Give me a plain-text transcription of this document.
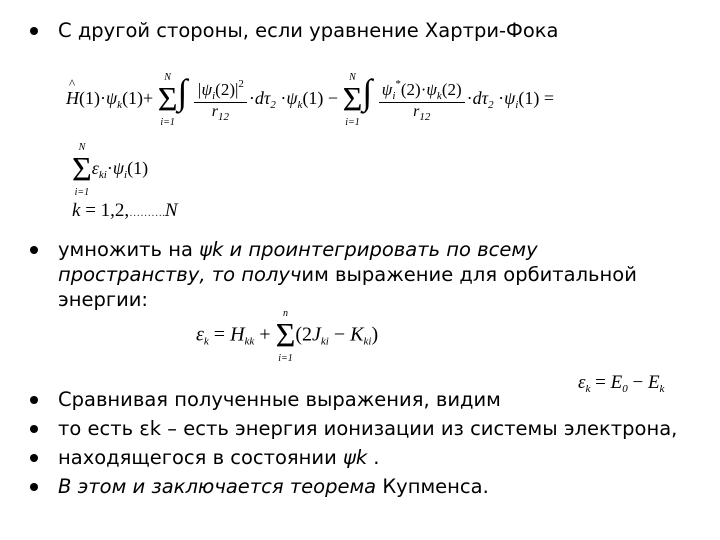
С другой стороны, если уравнение Хартри-Фока
H
^
$(1)\cdot\psi_k(1)+$
N
Σ
i=1
∫ $\frac{|\psi_i(2)|^2}{r_{12}} \cdot d\tau_2 \cdot\psi_k(1)$ −
N
Σ
i=1
∫ $\frac{\psi_i^*(2)\cdot\psi_k(2)}{r_{12}} \cdot d\tau_2 \cdot\psi_i(1)$ =
N
Σ
i=1
$\varepsilon_{ki}\cdot\psi_i(1)$
k = 1,2,……….N
умножить на ψk и проинтегрировать по всему
пространству, то получим выражение для орбитальной
энергии:
$\varepsilon_k = H_{kk}$ +
n
Σ
i=1
$(2J_{ki} - K_{ki})$
Сравнивая полученные выражения, видим
$\varepsilon_k = E_0 - E_k$
то есть εk – есть энергия ионизации из системы электрона,
находящегося в состоянии ψk .
В этом и заключается теорема Купменса.
